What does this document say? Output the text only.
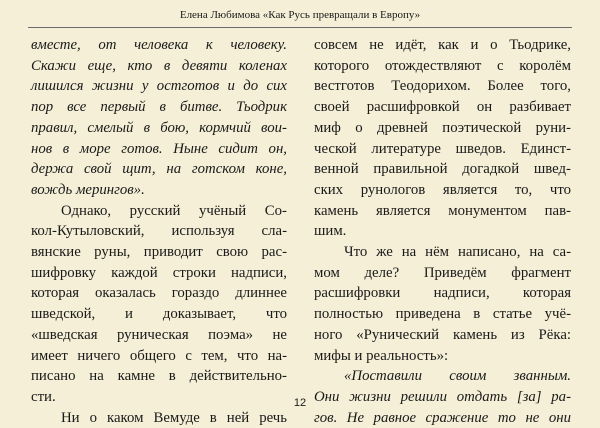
Елена Любимова «Как Русь превращали в Европу»
вместе, от человека к человеку.
Скажи еще, кто в девяти коленах
лишился жизни у остготов и до сих
пор все первый в битве. Тьодрик
правил, смелый в бою, кормчий вои-
нов в море готов. Ныне сидит он,
держа свой щит, на готском коне,
вождь мерингов».
Однако, русский учёный Со-
кол-Кутыловский, используя сла-
вянские руны, приводит свою рас-
шифровку каждой строки надписи,
которая оказалась гораздо длиннее
шведской, и доказывает, что
«шведская руническая поэма» не
имеет ничего общего с тем, что на-
писано на камне в действительно-
сти.
Ни о каком Вемуде в ней речь
совсем не идёт, как и о Тьодрике,
которого отождествляют с королём
вестготов Теодорихом. Более того,
своей расшифровкой он разбивает
миф о древней поэтической руни-
ческой литературе шведов. Единст-
венной правильной догадкой швед-
ских рунологов является то, что
камень является монументом пав-
шим.
Что же на нём написано, на са-
мом деле? Приведём фрагмент
расшифровки надписи, которая
полностью приведена в статье учё-
ного «Рунический камень из Рёка:
мифы и реальность»:
«Поставили своим званным.
Они жизни решили отдать [за] ра-
гов. Не равное сражение то не они
12
